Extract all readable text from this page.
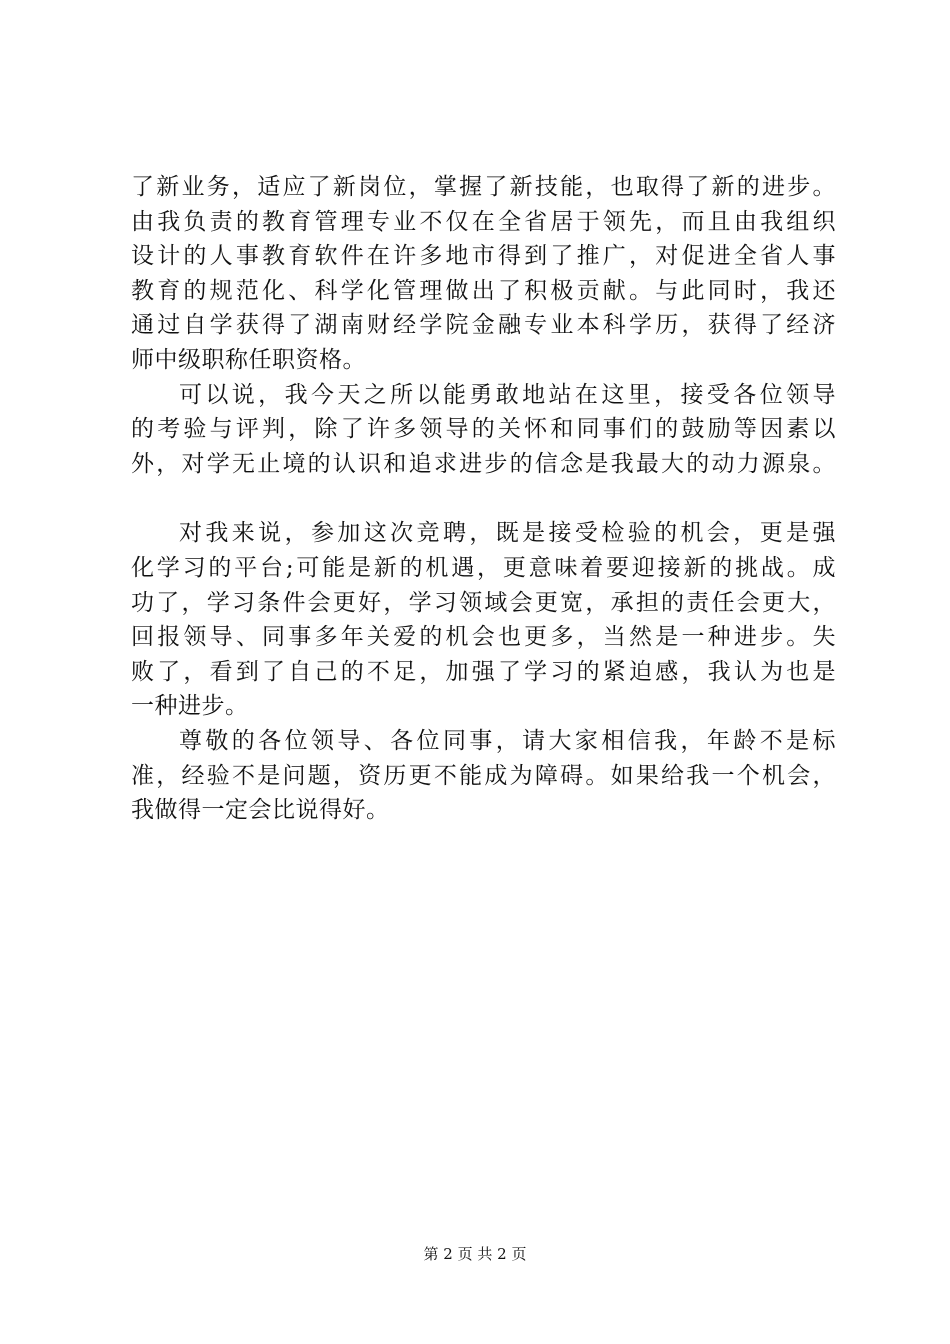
了新业务，适应了新岗位，掌握了新技能，也取得了新的进步。
由我负责的教育管理专业不仅在全省居于领先，而且由我组织
设计的人事教育软件在许多地市得到了推广，对促进全省人事
教育的规范化、科学化管理做出了积极贡献。与此同时，我还
通过自学获得了湖南财经学院金融专业本科学历，获得了经济
师中级职称任职资格。
可以说，我今天之所以能勇敢地站在这里，接受各位领导
的考验与评判，除了许多领导的关怀和同事们的鼓励等因素以
外，对学无止境的认识和追求进步的信念是我最大的动力源泉。
对我来说，参加这次竞聘，既是接受检验的机会，更是强
化学习的平台;可能是新的机遇，更意味着要迎接新的挑战。成
功了，学习条件会更好，学习领域会更宽，承担的责任会更大，
回报领导、同事多年关爱的机会也更多，当然是一种进步。失
败了，看到了自己的不足，加强了学习的紧迫感，我认为也是
一种进步。
尊敬的各位领导、各位同事，请大家相信我，年龄不是标
准，经验不是问题，资历更不能成为障碍。如果给我一个机会，
我做得一定会比说得好。
第 2 页 共 2 页
